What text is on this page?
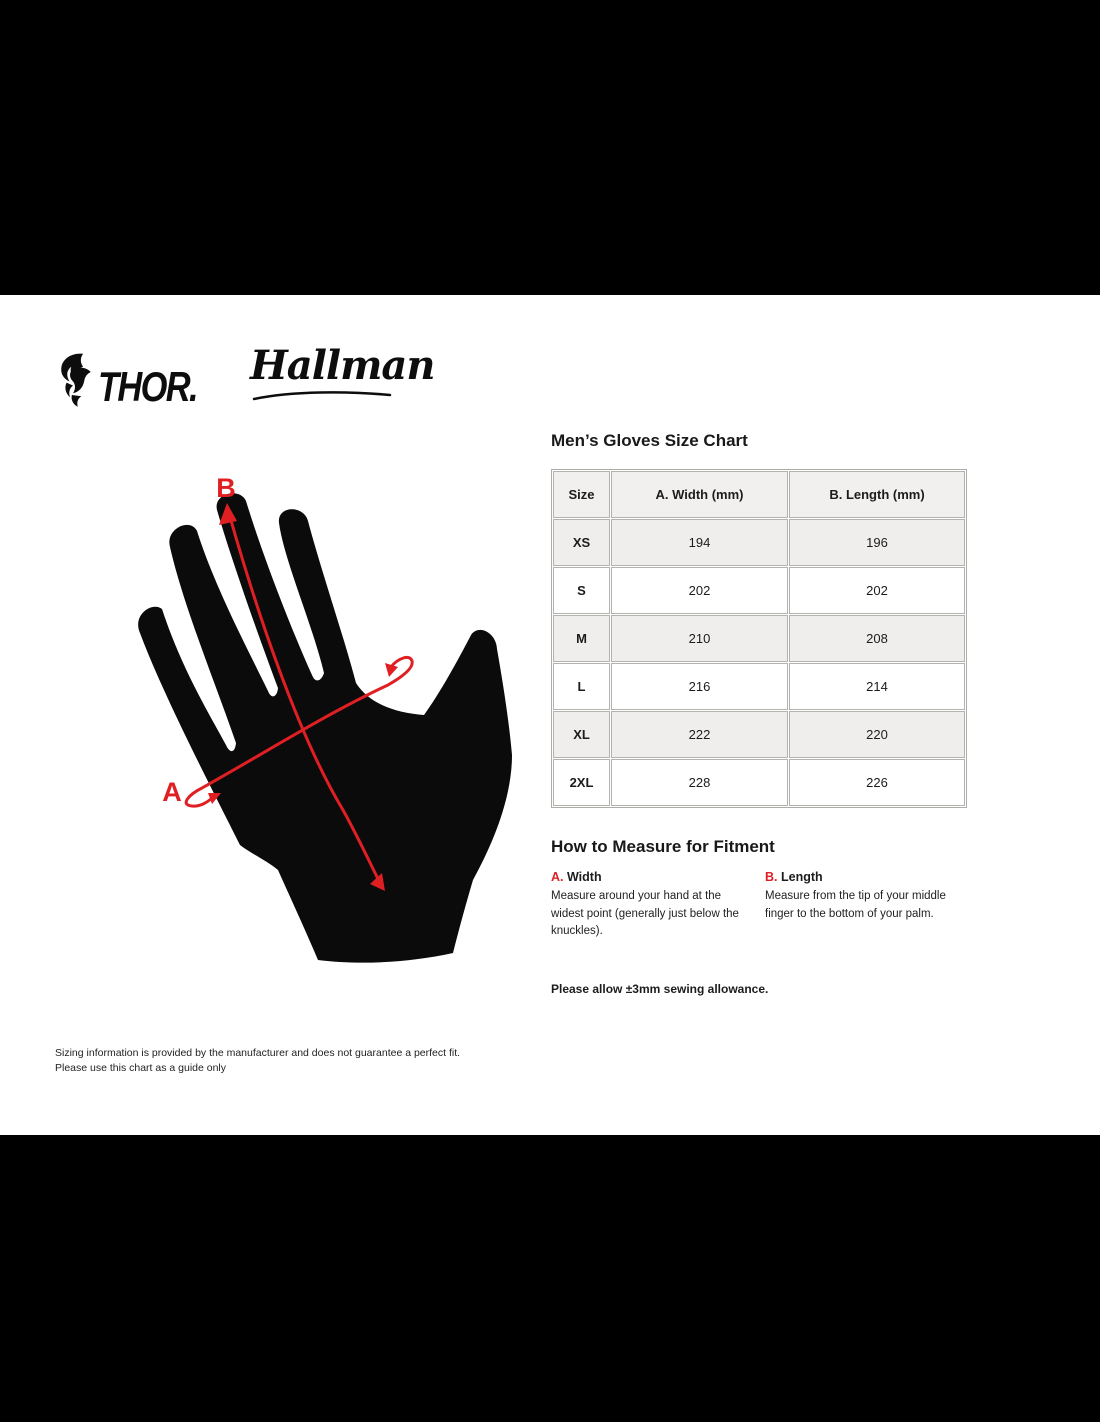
THOR. Hallman
B
A
Men’s Gloves Size Chart
Size	A. Width (mm)	B. Length (mm)
XS	194	196
S	202	202
M	210	208
L	216	214
XL	222	220
2XL	228	226
How to Measure for Fitment
A. Width
Measure around your hand at the widest point (generally just below the knuckles).
B. Length
Measure from the tip of your middle finger to the bottom of your palm.
Please allow ±3mm sewing allowance.
Sizing information is provided by the manufacturer and does not guarantee a perfect fit.
Please use this chart as a guide only
